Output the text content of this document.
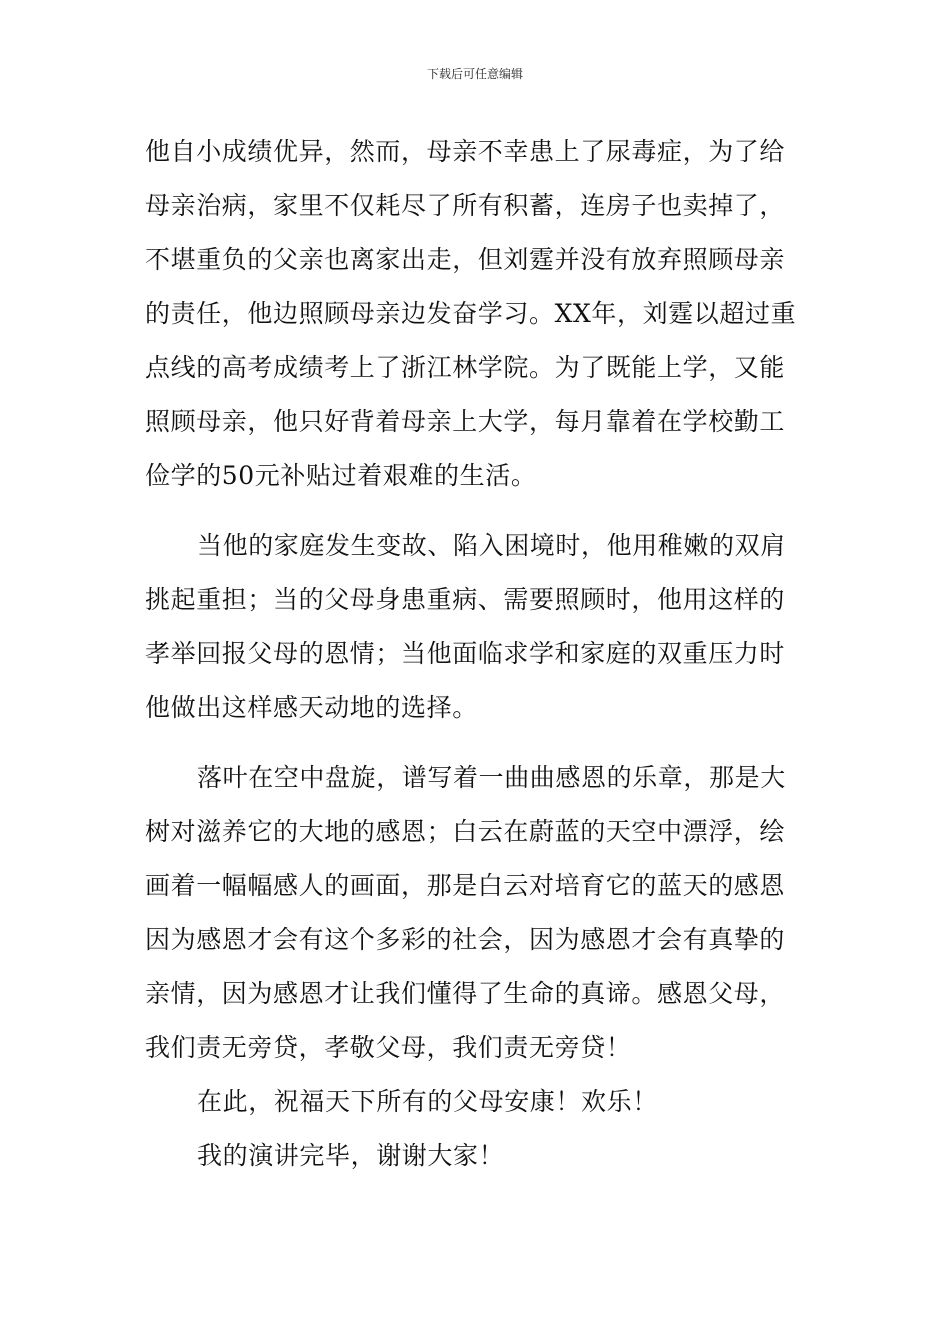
下载后可任意编辑
他自小成绩优异，然而，母亲不幸患上了尿毒症，为了给
母亲治病，家里不仅耗尽了所有积蓄，连房子也卖掉了，
不堪重负的父亲也离家出走，但刘霆并没有放弃照顾母亲
的责任，他边照顾母亲边发奋学习。XX年，刘霆以超过重
点线的高考成绩考上了浙江林学院。为了既能上学，又能
照顾母亲，他只好背着母亲上大学，每月靠着在学校勤工
俭学的50元补贴过着艰难的生活。
当他的家庭发生变故、陷入困境时，他用稚嫩的双肩
挑起重担；当的父母身患重病、需要照顾时，他用这样的
孝举回报父母的恩情；当他面临求学和家庭的双重压力时
他做出这样感天动地的选择。
落叶在空中盘旋，谱写着一曲曲感恩的乐章，那是大
树对滋养它的大地的感恩；白云在蔚蓝的天空中漂浮，绘
画着一幅幅感人的画面，那是白云对培育它的蓝天的感恩
因为感恩才会有这个多彩的社会，因为感恩才会有真挚的
亲情，因为感恩才让我们懂得了生命的真谛。感恩父母，
我们责无旁贷，孝敬父母，我们责无旁贷！
在此，祝福天下所有的父母安康！欢乐！
我的演讲完毕，谢谢大家！
